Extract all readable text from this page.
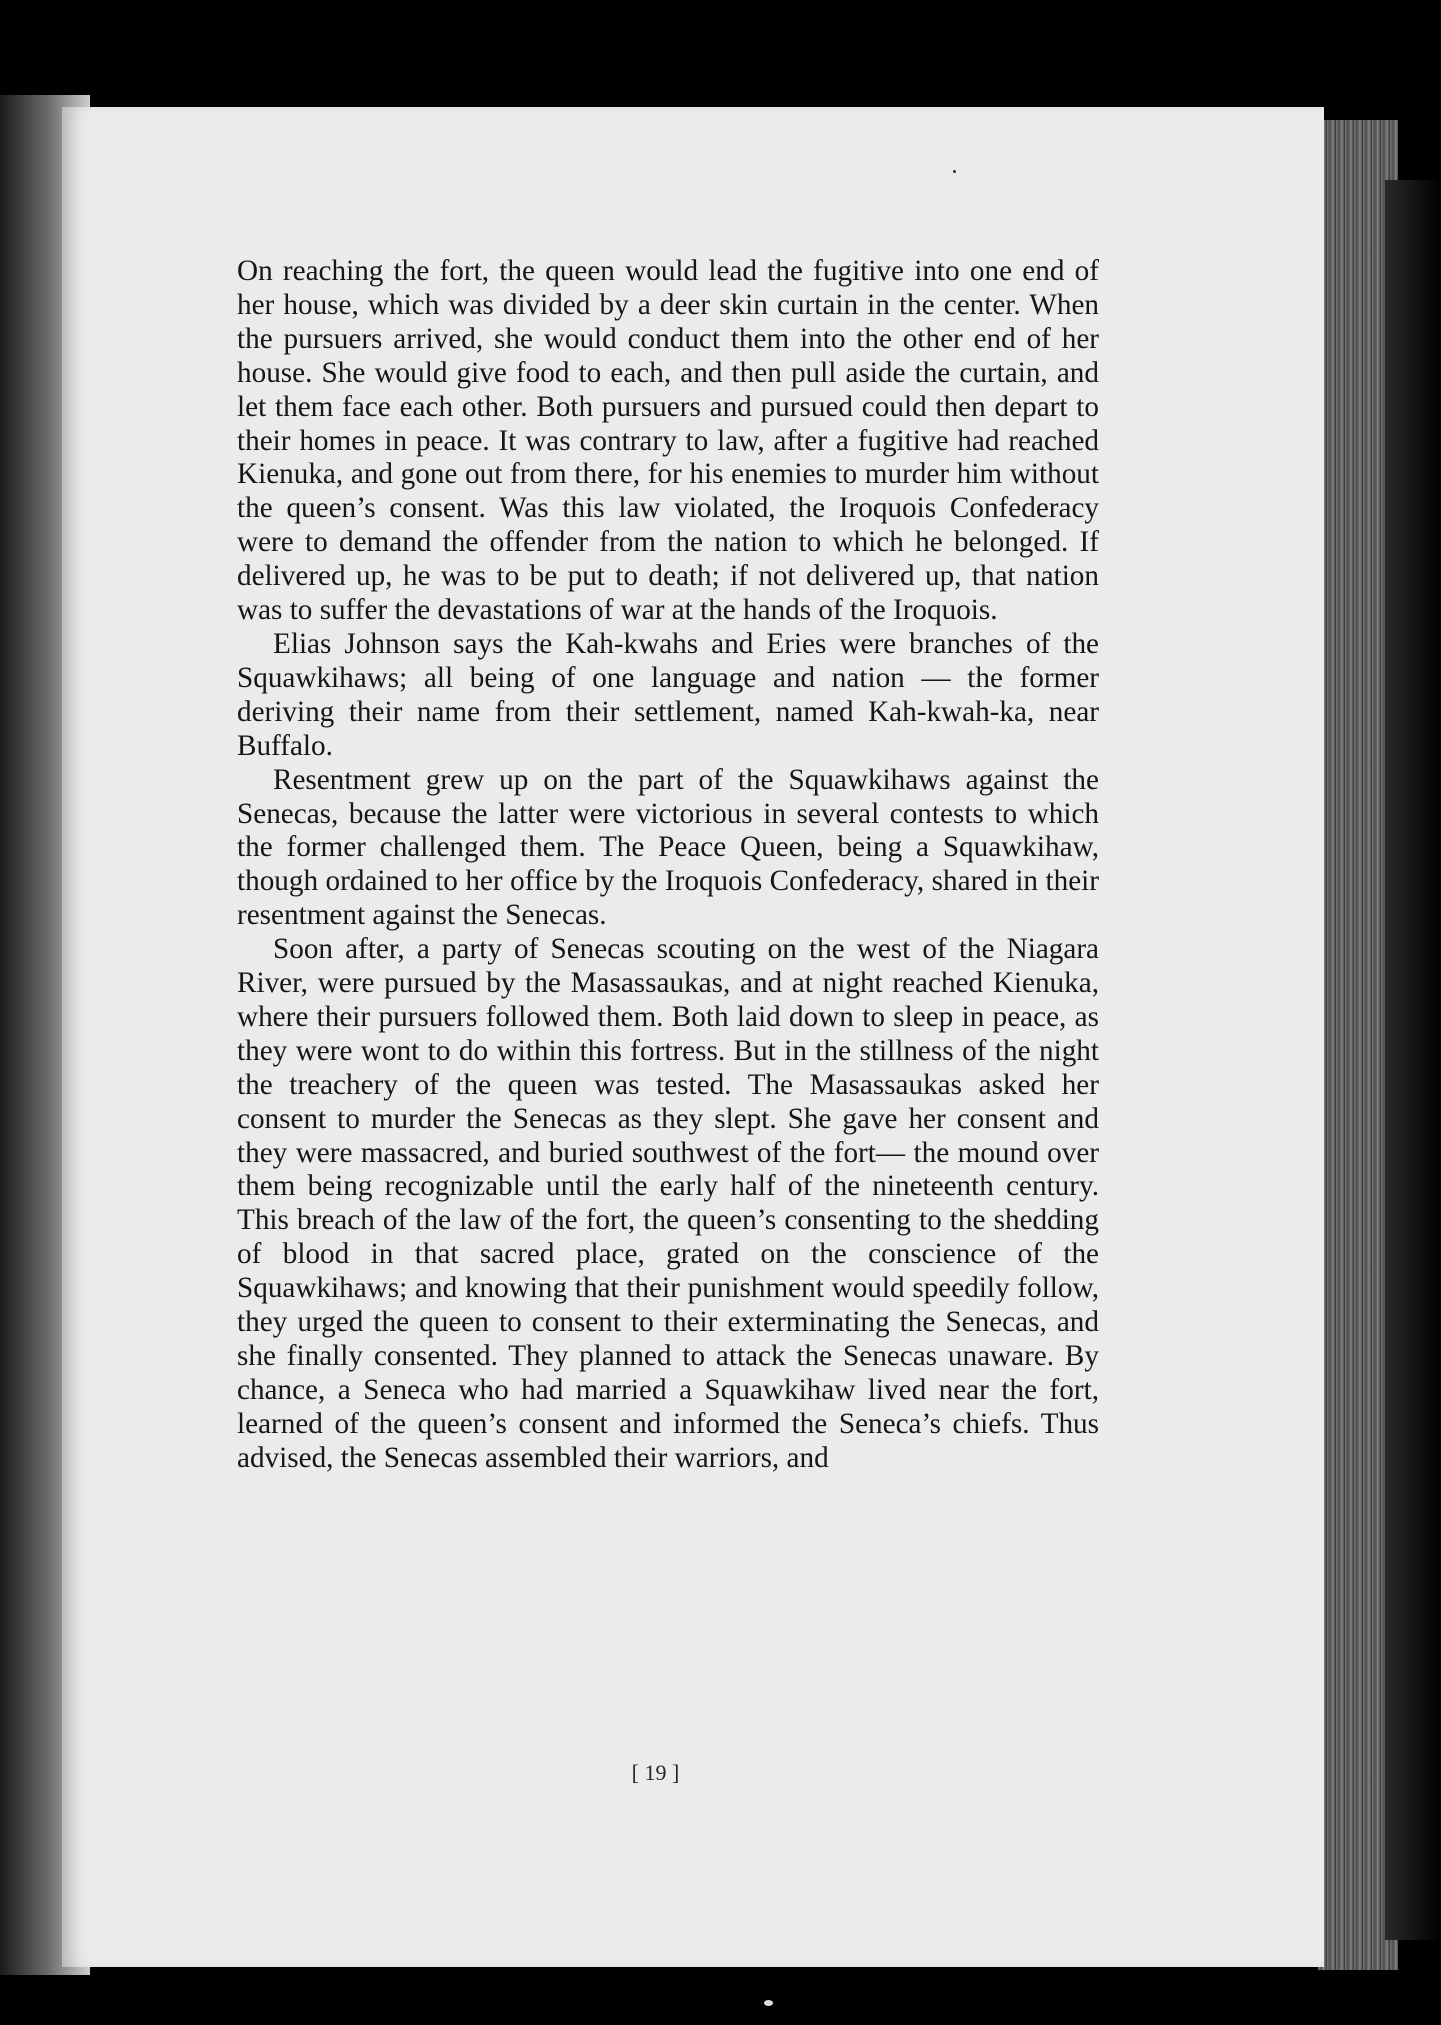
On reaching the fort, the queen would lead the fugitive into one end of her house, which was divided by a deer skin curtain in the center. When the pursuers arrived, she would conduct them into the other end of her house. She would give food to each, and then pull aside the curtain, and let them face each other. Both pursuers and pursued could then depart to their homes in peace. It was contrary to law, after a fugitive had reached Kienuka, and gone out from there, for his enemies to murder him without the queen’s consent. Was this law violated, the Iroquois Confederacy were to demand the offender from the nation to which he belonged. If delivered up, he was to be put to death; if not delivered up, that nation was to suffer the devastations of war at the hands of the Iroquois.

Elias Johnson says the Kah-kwahs and Eries were branches of the Squawkihaws; all being of one language and nation — the former deriving their name from their settlement, named Kah-kwah-ka, near Buffalo.

Resentment grew up on the part of the Squawkihaws against the Senecas, because the latter were victorious in several contests to which the former challenged them. The Peace Queen, being a Squawkihaw, though ordained to her office by the Iroquois Confederacy, shared in their resentment against the Senecas.

Soon after, a party of Senecas scouting on the west of the Niagara River, were pursued by the Masassaukas, and at night reached Kienuka, where their pursuers followed them. Both laid down to sleep in peace, as they were wont to do within this fortress. But in the stillness of the night the treachery of the queen was tested. The Masassaukas asked her consent to murder the Senecas as they slept. She gave her consent and they were massacred, and buried southwest of the fort— the mound over them being recognizable until the early half of the nineteenth century. This breach of the law of the fort, the queen’s consenting to the shedding of blood in that sacred place, grated on the conscience of the Squawkihaws; and knowing that their punishment would speedily follow, they urged the queen to consent to their exterminating the Senecas, and she finally consented. They planned to attack the Senecas unaware. By chance, a Seneca who had married a Squawkihaw lived near the fort, learned of the queen’s consent and informed the Seneca’s chiefs. Thus advised, the Senecas assembled their warriors, and

[ 19 ]
